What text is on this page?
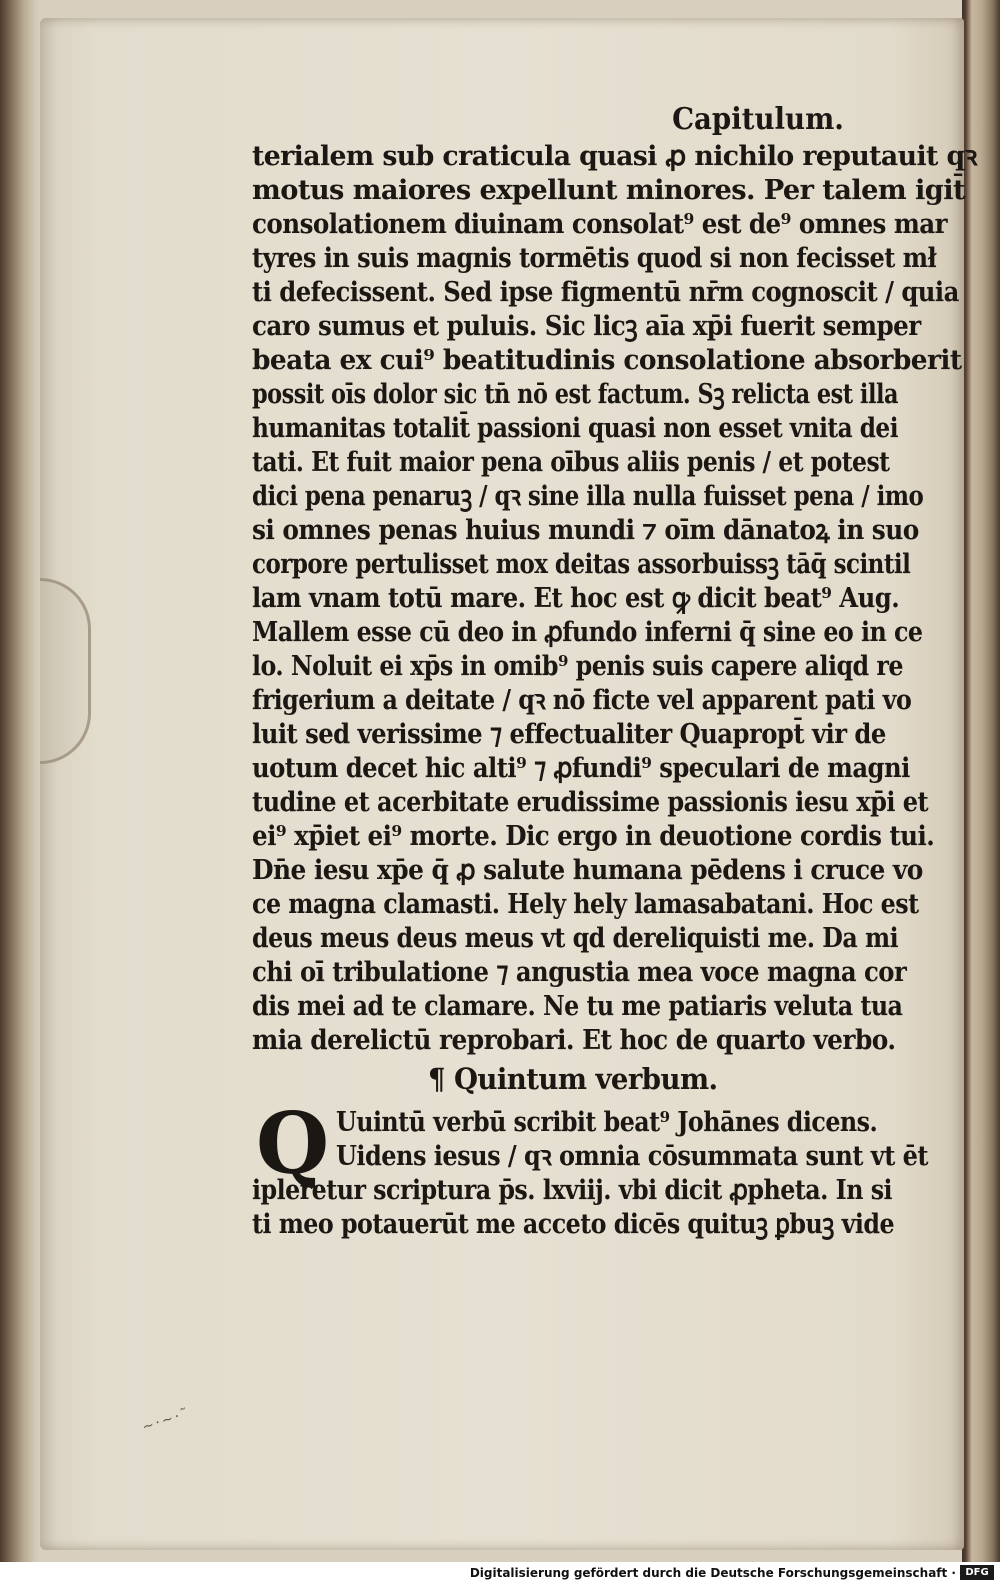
~·~·˜
Capitulum.
terialem sub craticula quasi ꝓ nichilo reputauit qꝛ
motus maiores expellunt minores. Per talem igit̄
consolationem diuinam consolat⁹ est de⁹ omnes mar
tyres in suis magnis tormētis quod si non fecisset mł
ti defecissent. Sed ipse figmentū nr̄m cognoscit / quia
caro sumus et puluis. Sic licꝫ aīa xp̄i fuerit semper
beata ex cui⁹ beatitudinis consolatione absorberit
possit oīs dolor sic tn̄ nō est factum. Sꝫ relicta est illa
humanitas totalit̄ passioni quasi non esset vnita dei
tati. Et fuit maior pena oībus aliis penis / et potest
dici pena penaruꝫ / qꝛ sine illa nulla fuisset pena / imo
si omnes penas huius mundi ⁊ oīm dānatoꝝ in suo
corpore pertulisset mox deitas assorbuissꝫ tāq̄ scintil
lam vnam totū mare. Et hoc est ꝙ dicit beat⁹ Aug.
Mallem esse cū deo in ꝓfundo inferni q̄ sine eo in ce
lo. Noluit ei xp̄s in omib⁹ penis suis capere aliqd re
frigerium a deitate / qꝛ nō ficte vel apparent pati vo
luit sed verissime ⁊ effectualiter Quapropt̄ vir de
uotum decet hic alti⁹ ⁊ ꝓfundi⁹ speculari de magni
tudine et acerbitate erudissime passionis iesu xp̄i et
ei⁹ xp̄iet ei⁹ morte. Dic ergo in deuotione cordis tui.
Dn̄e iesu xp̄e q̄ ꝓ salute humana pēdens i cruce vo
ce magna clamasti. Hely hely lamasabatani. Hoc est
deus meus deus meus vt qd dereliquisti me. Da mi
chi oī tribulatione ⁊ angustia mea voce magna cor
dis mei ad te clamare. Ne tu me patiaris veluta tua
mia derelictū reprobari. Et hoc de quarto verbo.
¶ Quintum verbum.
Q Uuintū verbū scribit beat⁹ Johānes dicens.
Uidens iesus / qꝛ omnia cōsummata sunt vt ēt
ipleretur scriptura p̄s. lxviij. vbi dicit ꝓpheta. In si
ti meo potauerūt me acceto dicēs quituꝫ ꝑbuꝫ vide
Digitalisierung gefördert durch die Deutsche Forschungsgemeinschaft · DFG
